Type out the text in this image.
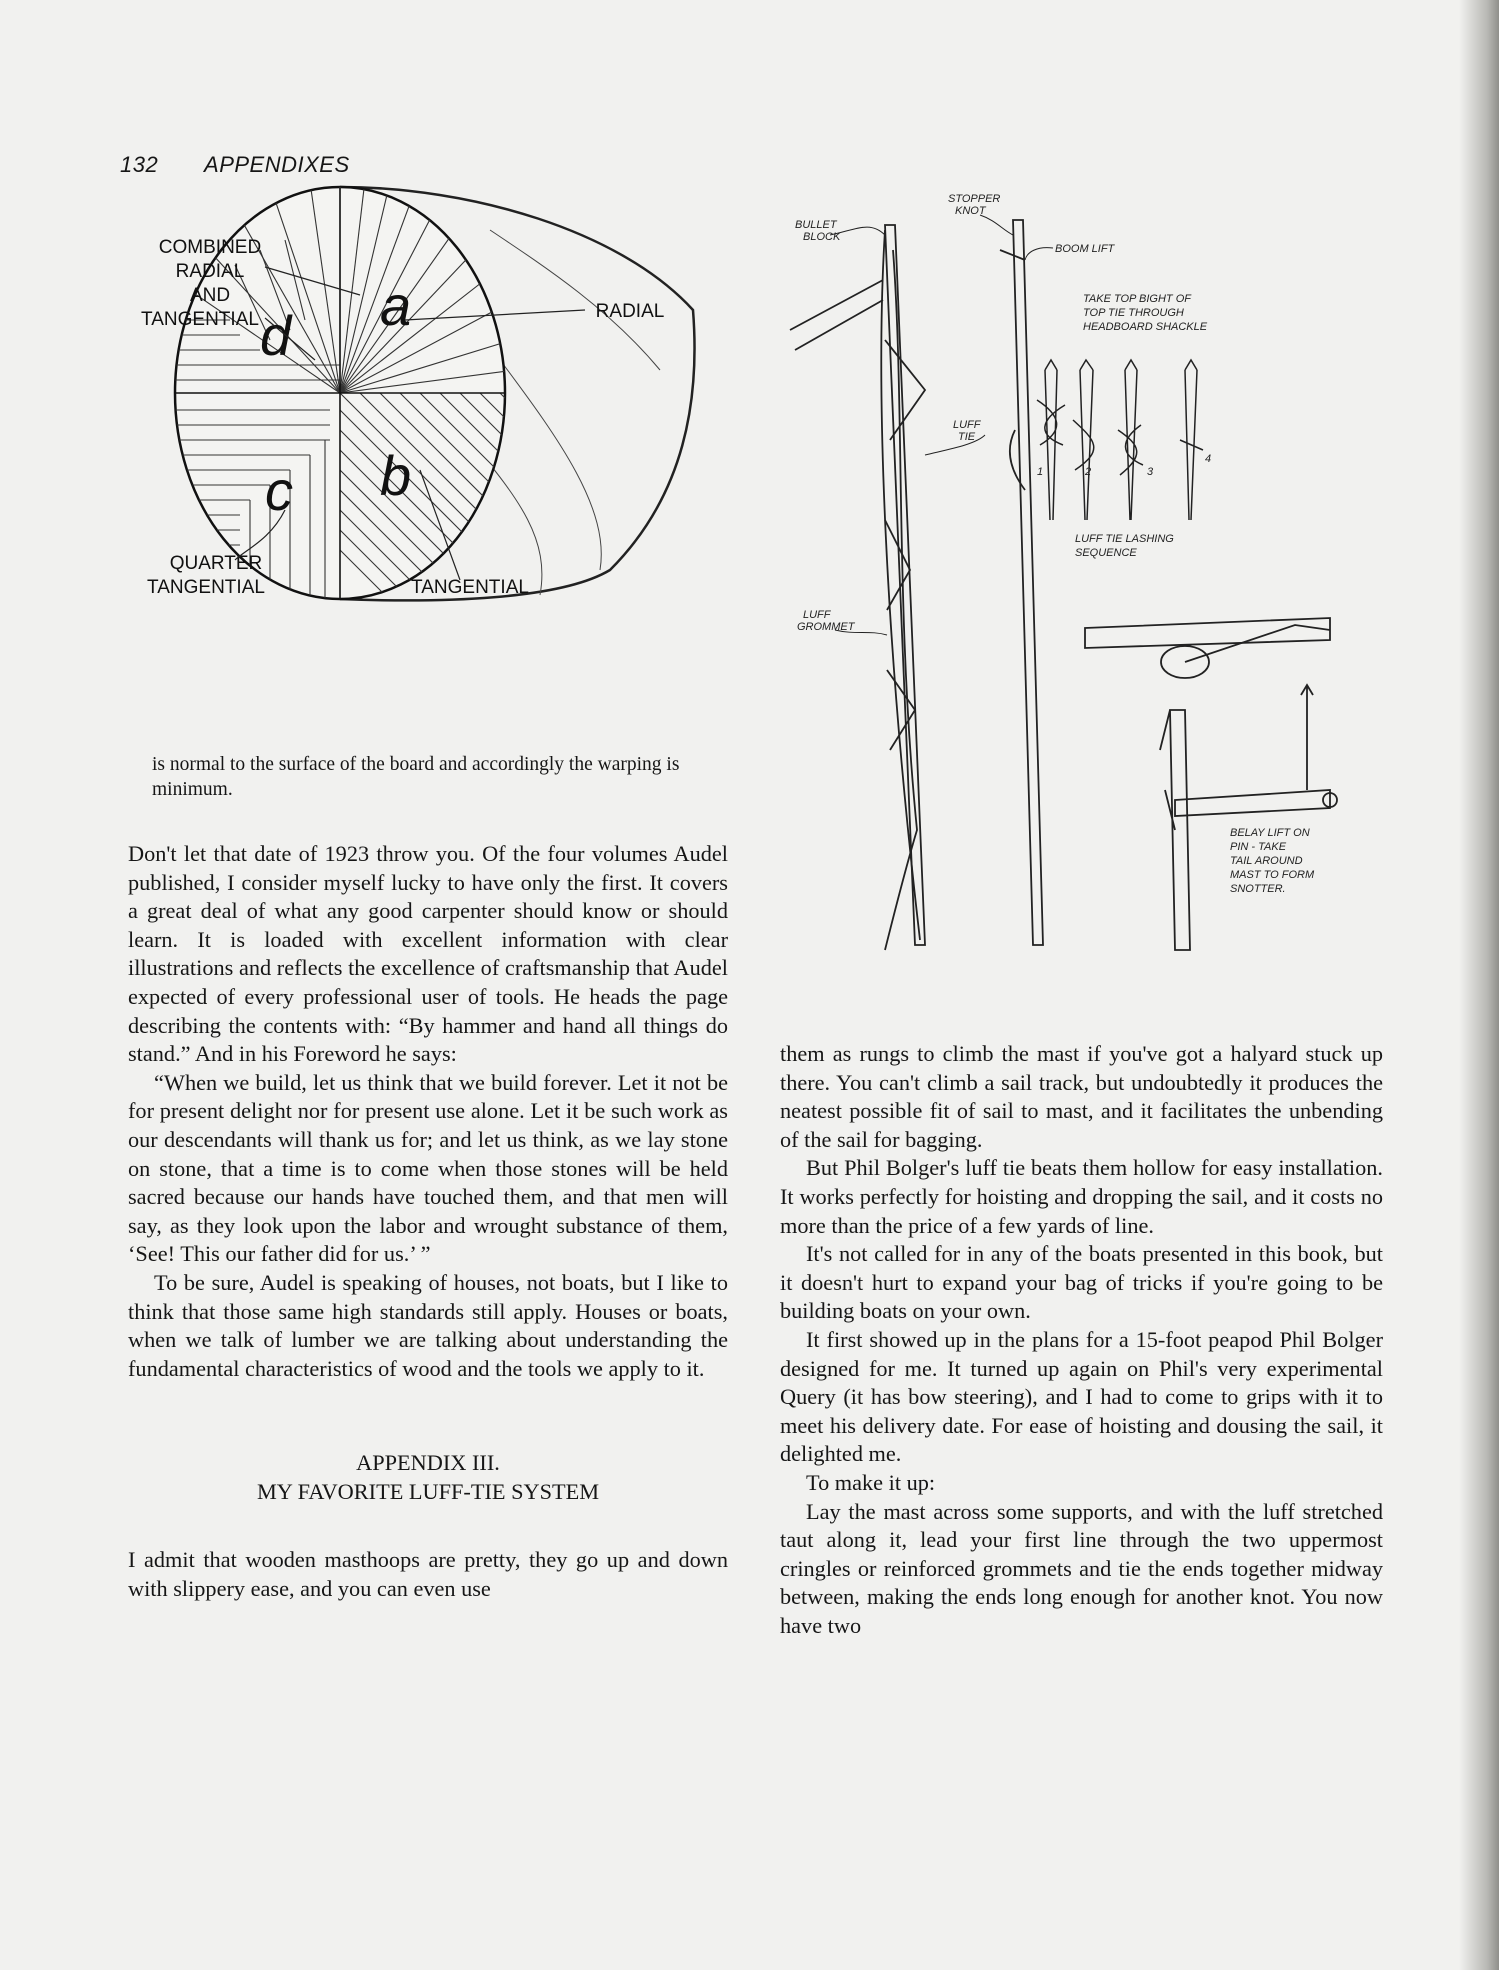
132 APPENDIXES
a
b
c
d
COMBINED
RADIAL
AND
TANGENTIAL	RADIAL
QUARTER
TANGENTIAL	TANGENTIAL
BULLET
BLOCK
STOPPER
KNOT
BOOM LIFT
TAKE TOP BIGHT OF
TOP TIE THROUGH
HEADBOARD SHACKLE
LUFF
TIE
LUFF TIE LASHING
SEQUENCE
LUFF
GROMMET
BELAY LIFT ON
PIN - TAKE
TAIL AROUND
MAST TO FORM
SNOTTER.
1	2	3
4
is normal to the surface of the board and accordingly the warping is minimum.

Don't let that date of 1923 throw you. Of the four volumes Audel published, I consider myself lucky to have only the first. It covers a great deal of what any good carpenter should know or should learn. It is loaded with excellent information with clear illustrations and reflects the excellence of craftsmanship that Audel expected of every professional user of tools. He heads the page describing the contents with: “By hammer and hand all things do stand.” And in his Foreword he says:

“When we build, let us think that we build forever. Let it not be for present delight nor for present use alone. Let it be such work as our descendants will thank us for; and let us think, as we lay stone on stone, that a time is to come when those stones will be held sacred because our hands have touched them, and that men will say, as they look upon the labor and wrought substance of them, ‘See! This our father did for us.’ ”

To be sure, Audel is speaking of houses, not boats, but I like to think that those same high standards still apply. Houses or boats, when we talk of lumber we are talking about understanding the fundamental characteristics of wood and the tools we apply to it.

APPENDIX III.

MY FAVORITE LUFF-TIE SYSTEM

I admit that wooden masthoops are pretty, they go up and down with slippery ease, and you can even use

them as rungs to climb the mast if you've got a halyard stuck up there. You can't climb a sail track, but undoubtedly it produces the neatest possible fit of sail to mast, and it facilitates the unbending of the sail for bagging.

But Phil Bolger's luff tie beats them hollow for easy installation. It works perfectly for hoisting and dropping the sail, and it costs no more than the price of a few yards of line.

It's not called for in any of the boats presented in this book, but it doesn't hurt to expand your bag of tricks if you're going to be building boats on your own.

It first showed up in the plans for a 15-foot peapod Phil Bolger designed for me. It turned up again on Phil's very experimental Query (it has bow steering), and I had to come to grips with it to meet his delivery date. For ease of hoisting and dousing the sail, it delighted me.

To make it up:

Lay the mast across some supports, and with the luff stretched taut along it, lead your first line through the two uppermost cringles or reinforced grommets and tie the ends together midway between, making the ends long enough for another knot. You now have two
